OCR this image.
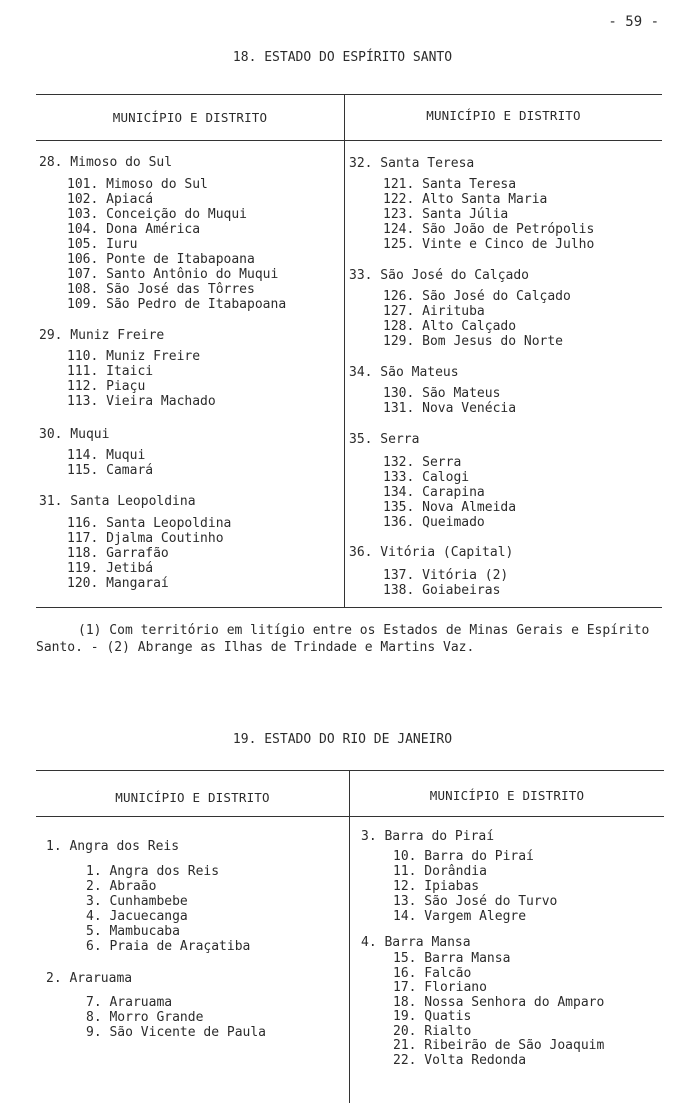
- 59 -
18. ESTADO DO ESPÍRITO SANTO
MUNICÍPIO E DISTRITO	MUNICÍPIO E DISTRITO
28. Mimoso do Sul
101. Mimoso do Sul
102. Apiacá
103. Conceição do Muqui
104. Dona América
105. Iuru
106. Ponte de Itabapoana
107. Santo Antônio do Muqui
108. São José das Tôrres
109. São Pedro de Itabapoana
29. Muniz Freire
110. Muniz Freire
111. Itaici
112. Piaçu
113. Vieira Machado
30. Muqui
114. Muqui
115. Camará
31. Santa Leopoldina
116. Santa Leopoldina
117. Djalma Coutinho
118. Garrafão
119. Jetibá
120. Mangaraí
32. Santa Teresa
121. Santa Teresa
122. Alto Santa Maria
123. Santa Júlia
124. São João de Petrópolis
125. Vinte e Cinco de Julho
33. São José do Calçado
126. São José do Calçado
127. Airituba
128. Alto Calçado
129. Bom Jesus do Norte
34. São Mateus
130. São Mateus
131. Nova Venécia
35. Serra
132. Serra
133. Calogi
134. Carapina
135. Nova Almeida
136. Queimado
36. Vitória (Capital)
137. Vitória (2)
138. Goiabeiras
(1) Com território em litígio entre os Estados de Minas Gerais e Espírito
Santo. - (2) Abrange as Ilhas de Trindade e Martins Vaz.
19. ESTADO DO RIO DE JANEIRO
MUNICÍPIO E DISTRITO	MUNICÍPIO E DISTRITO
1. Angra dos Reis
1. Angra dos Reis
2. Abraão
3. Cunhambebe
4. Jacuecanga
5. Mambucaba
6. Praia de Araçatiba
2. Araruama
7. Araruama
8. Morro Grande
9. São Vicente de Paula
3. Barra do Piraí
10. Barra do Piraí
11. Dorândia
12. Ipiabas
13. São José do Turvo
14. Vargem Alegre
4. Barra Mansa
15. Barra Mansa
16. Falcão
17. Floriano
18. Nossa Senhora do Amparo
19. Quatis
20. Rialto
21. Ribeirão de São Joaquim
22. Volta Redonda
